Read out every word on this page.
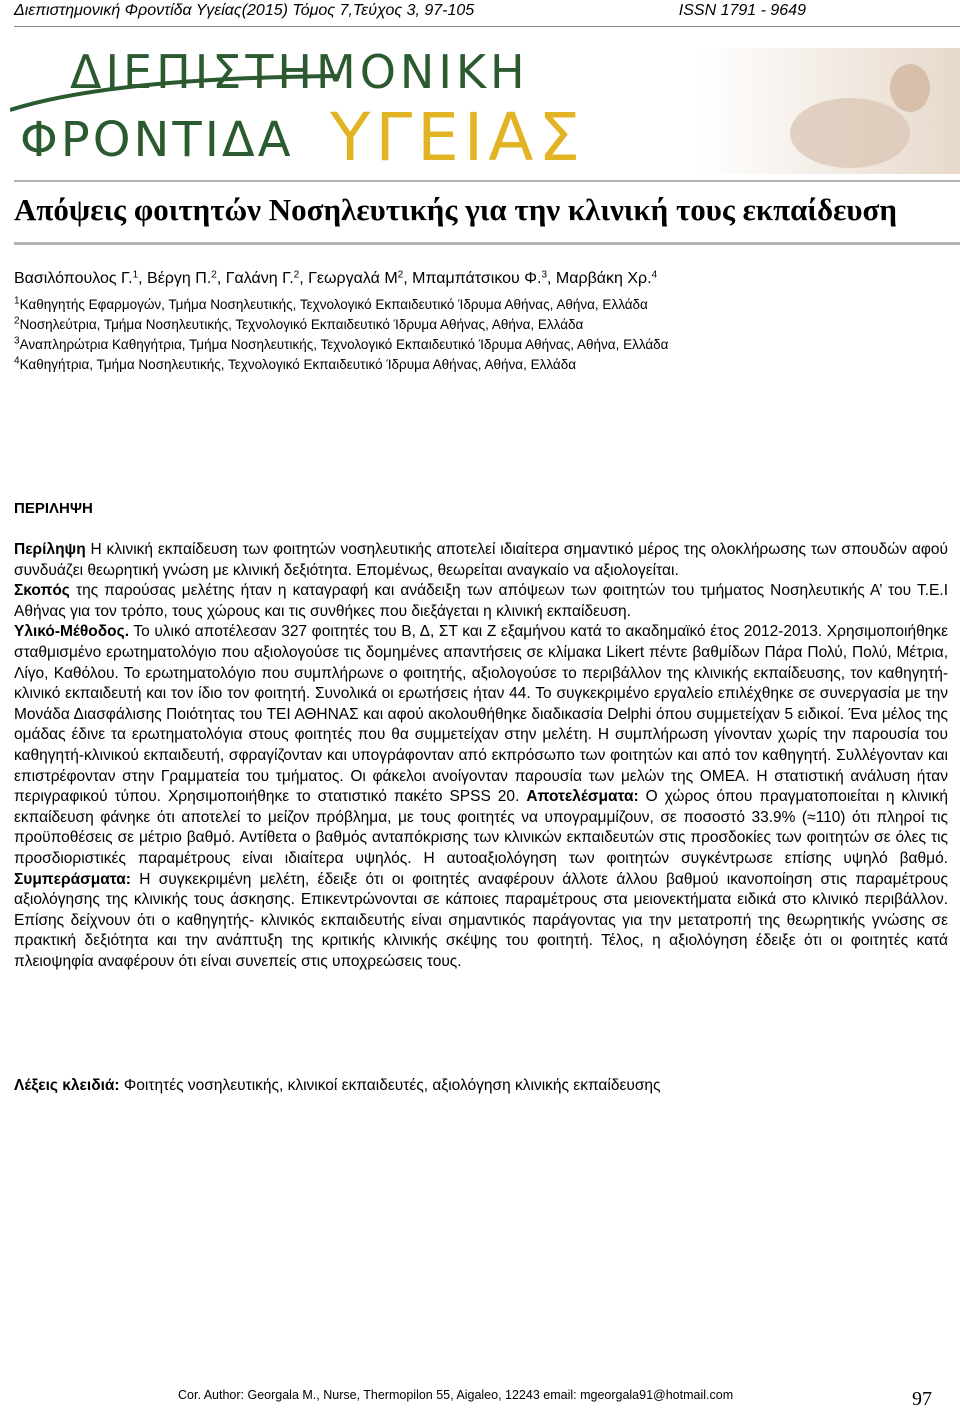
Διεπιστημονική Φροντίδα Υγείας(2015) Τόμος 7,Τεύχος 3, 97-105	ISSN 1791 - 9649
ΔΙΕΠΙΣΤΗΜΟΝΙΚΗ
ΦΡΟΝΤΙΔΑ ΥΓΕΙΑΣ
Απόψεις φοιτητών Νοσηλευτικής για την κλινική τους εκπαίδευση
Βασιλόπουλος Γ.$^1$, Βέργη Π.$^2$, Γαλάνη Γ.$^2$, Γεωργαλά $M^2$, Μπαμπάτσικου Φ.$^3$, Μαρβάκη Χρ.$^4$
$^1$Καθηγητής Εφαρμογών, Τμήμα Νοσηλευτικής, Τεχνολογικό Εκπαιδευτικό Ίδρυμα Αθήνας, Αθήνα, Ελλάδα
$^2$Νοσηλεύτρια, Τμήμα Νοσηλευτικής, Τεχνολογικό Εκπαιδευτικό Ίδρυμα Αθήνας, Αθήνα, Ελλάδα
$^3$Αναπληρώτρια Καθηγήτρια, Τμήμα Νοσηλευτικής, Τεχνολογικό Εκπαιδευτικό Ίδρυμα Αθήνας, Αθήνα, Ελλάδα
$^4$Καθηγήτρια, Τμήμα Νοσηλευτικής, Τεχνολογικό Εκπαιδευτικό Ίδρυμα Αθήνας, Αθήνα, Ελλάδα
ΠΕΡΙΛΗΨΗ
Περίληψη Η κλινική εκπαίδευση των φοιτητών νοσηλευτικής αποτελεί ιδιαίτερα σημαντικό μέρος της ολοκλήρωσης των σπουδών αφού συνδυάζει θεωρητική γνώση με κλινική δεξιότητα. Επομένως, θεωρείται αναγκαίο να αξιολογείται.
Σκοπός της παρούσας μελέτης ήταν η καταγραφή και ανάδειξη των απόψεων των φοιτητών του τμήματος Νοσηλευτικής Α’ του Τ.Ε.Ι Αθήνας για τον τρόπο, τους χώρους και τις συνθήκες που διεξάγεται η κλινική εκπαίδευση.
Υλικό-Μέθοδος. Το υλικό αποτέλεσαν 327 φοιτητές του Β, Δ, ΣΤ και Ζ εξαμήνου κατά το ακαδημαϊκό έτος 2012-2013. Χρησιμοποιήθηκε σταθμισμένο ερωτηματολόγιο που αξιολογούσε τις δομημένες απαντήσεις σε κλίμακα Likert πέντε βαθμίδων Πάρα Πολύ, Πολύ, Μέτρια, Λίγο, Καθόλου. Το ερωτηματολόγιο που συμπλήρωνε ο φοιτητής, αξιολογούσε το περιβάλλον της κλινικής εκπαίδευσης, τον καθηγητή-κλινικό εκπαιδευτή και τον ίδιο τον φοιτητή. Συνολικά οι ερωτήσεις ήταν 44. Το συγκεκριμένο εργαλείο επιλέχθηκε σε συνεργασία με την Μονάδα Διασφάλισης Ποιότητας του ΤΕΙ ΑΘΗΝΑΣ και αφού ακολουθήθηκε διαδικασία Delphi όπου συμμετείχαν 5 ειδικοί. Ένα μέλος της ομάδας έδινε τα ερωτηματολόγια στους φοιτητές που θα συμμετείχαν στην μελέτη. Η συμπλήρωση γίνονταν χωρίς την παρουσία του καθηγητή-κλινικού εκπαιδευτή, σφραγίζονταν και υπογράφονταν από εκπρόσωπο των φοιτητών και από τον καθηγητή. Συλλέγονταν και επιστρέφονταν στην Γραμματεία του τμήματος. Οι φάκελοι ανοίγονταν παρουσία των μελών της ΟΜΕΑ. Η στατιστική ανάλυση ήταν περιγραφικού τύπου. Χρησιμοποιήθηκε το στατιστικό πακέτο SPSS 20. Αποτελέσματα: Ο χώρος όπου πραγματοποιείται η κλινική εκπαίδευση φάνηκε ότι αποτελεί το μείζον πρόβλημα, με τους φοιτητές να υπογραμμίζουν, σε ποσοστό 33.9% (≈110) ότι πληροί τις προϋποθέσεις σε μέτριο βαθμό. Αντίθετα ο βαθμός ανταπόκρισης των κλινικών εκπαιδευτών στις προσδοκίες των φοιτητών σε όλες τις προσδιοριστικές παραμέτρους είναι ιδιαίτερα υψηλός. Η αυτοαξιολόγηση των φοιτητών συγκέντρωσε επίσης υψηλό βαθμό. Συμπεράσματα: Η συγκεκριμένη μελέτη, έδειξε ότι οι φοιτητές αναφέρουν άλλοτε άλλου βαθμού ικανοποίηση στις παραμέτρους αξιολόγησης της κλινικής τους άσκησης. Επικεντρώνονται σε κάποιες παραμέτρους στα μειονεκτήματα ειδικά στο κλινικό περιβάλλον. Επίσης δείχνουν ότι ο καθηγητής- κλινικός εκπαιδευτής είναι σημαντικός παράγοντας για την μετατροπή της θεωρητικής γνώσης σε πρακτική δεξιότητα και την ανάπτυξη της κριτικής κλινικής σκέψης του φοιτητή. Τέλος, η αξιολόγηση έδειξε ότι οι φοιτητές κατά πλειοψηφία αναφέρουν ότι είναι συνεπείς στις υποχρεώσεις τους.
Λέξεις κλειδιά: Φοιτητές νοσηλευτικής, κλινικοί εκπαιδευτές, αξιολόγηση κλινικής εκπαίδευσης
Cor. Author: Georgala M., Nurse, Thermopilon 55, Aigaleo, 12243 email: mgeorgala91@hotmail.com	97
